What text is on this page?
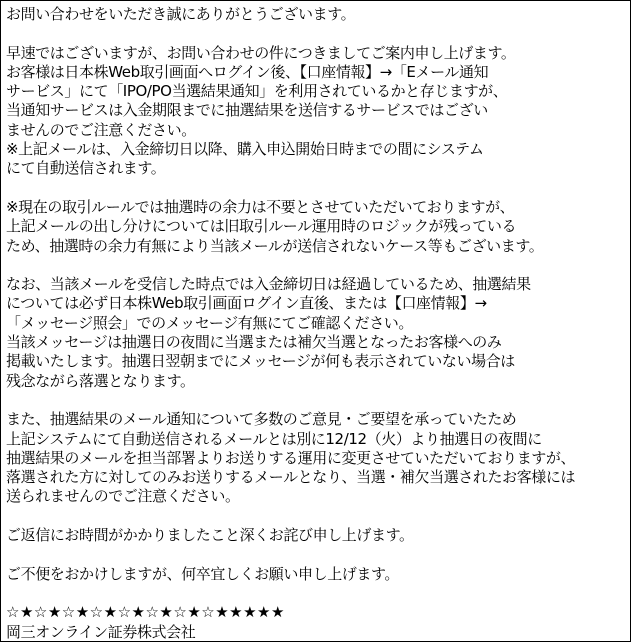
お問い合わせをいただき誠にありがとうございます。
早速ではございますが、お問い合わせの件につきましてご案内申し上げます。
お客様は日本株Web取引画面へログイン後、【口座情報】→「Eメール通知
サービス」にて「IPO/PO当選結果通知」を利用されているかと存じますが、
当通知サービスは入金期限までに抽選結果を送信するサービスではござい
ませんのでご注意ください。
※上記メールは、入金締切日以降、購入申込開始日時までの間にシステム
にて自動送信されます。
※現在の取引ルールでは抽選時の余力は不要とさせていただいておりますが、
上記メールの出し分けについては旧取引ルール運用時のロジックが残っている
ため、抽選時の余力有無により当該メールが送信されないケース等もございます。
なお、当該メールを受信した時点では入金締切日は経過しているため、抽選結果
については必ず日本株Web取引画面ログイン直後、または【口座情報】→
「メッセージ照会」でのメッセージ有無にてご確認ください。
当該メッセージは抽選日の夜間に当選または補欠当選となったお客様へのみ
掲載いたします。抽選日翌朝までにメッセージが何も表示されていない場合は
残念ながら落選となります。
また、抽選結果のメール通知について多数のご意見・ご要望を承っていたため
上記システムにて自動送信されるメールとは別に12/12（火）より抽選日の夜間に
抽選結果のメールを担当部署よりお送りする運用に変更させていただいておりますが、
落選された方に対してのみお送りするメールとなり、当選・補欠当選されたお客様には
送られませんのでご注意ください。
ご返信にお時間がかかりましたこと深くお詫び申し上げます。
ご不便をおかけしますが、何卒宜しくお願い申し上げます。
☆★☆★☆★☆★☆★☆★☆★☆★★★★★
岡三オンライン証券株式会社
